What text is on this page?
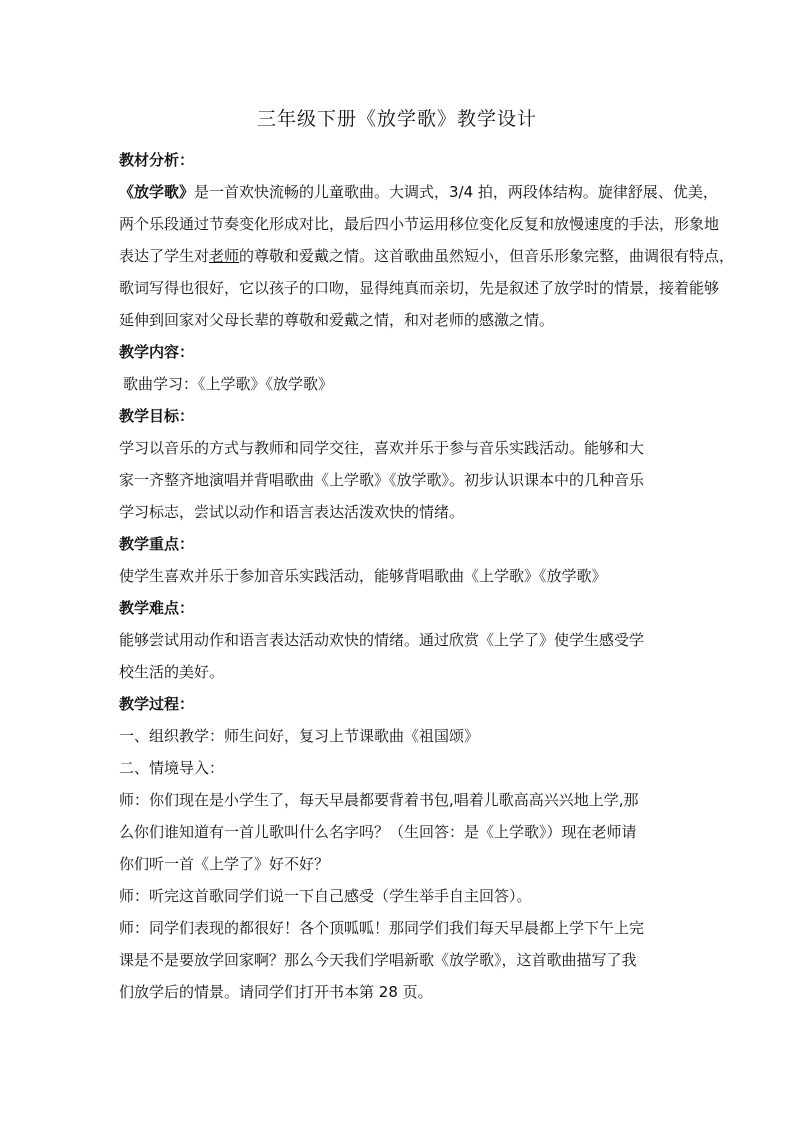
三年级下册《放学歌》教学设计
教材分析：
《放学歌》是一首欢快流畅的儿童歌曲。大调式，3/4 拍，两段体结构。旋律舒展、优美，
两个乐段通过节奏变化形成对比，最后四小节运用移位变化反复和放慢速度的手法，形象地
表达了学生对老师的尊敬和爱戴之情。这首歌曲虽然短小，但音乐形象完整，曲调很有特点，
歌词写得也很好，它以孩子的口吻，显得纯真而亲切，先是叙述了放学时的情景，接着能够
延伸到回家对父母长辈的尊敬和爱戴之情，和对老师的感激之情。
教学内容：
歌曲学习：《上学歌》《放学歌》
教学目标：
学习以音乐的方式与教师和同学交往，喜欢并乐于参与音乐实践活动。能够和大
家一齐整齐地演唱并背唱歌曲《上学歌》《放学歌》。初步认识课本中的几种音乐
学习标志，尝试以动作和语言表达活泼欢快的情绪。
教学重点：
使学生喜欢并乐于参加音乐实践活动，能够背唱歌曲《上学歌》《放学歌》
教学难点：
能够尝试用动作和语言表达活动欢快的情绪。通过欣赏《上学了》使学生感受学
校生活的美好。
教学过程：
一、组织教学：师生问好，复习上节课歌曲《祖国颂》
二、情境导入：
师：你们现在是小学生了，每天早晨都要背着书包,唱着儿歌高高兴兴地上学,那
么你们谁知道有一首儿歌叫什么名字吗？（生回答：是《上学歌》）现在老师请
你们听一首《上学了》好不好？
师：听完这首歌同学们说一下自己感受（学生举手自主回答）。
师：同学们表现的都很好！各个顶呱呱！那同学们我们每天早晨都上学下午上完
课是不是要放学回家啊？那么今天我们学唱新歌《放学歌》，这首歌曲描写了我
们放学后的情景。请同学们打开书本第 28 页。
